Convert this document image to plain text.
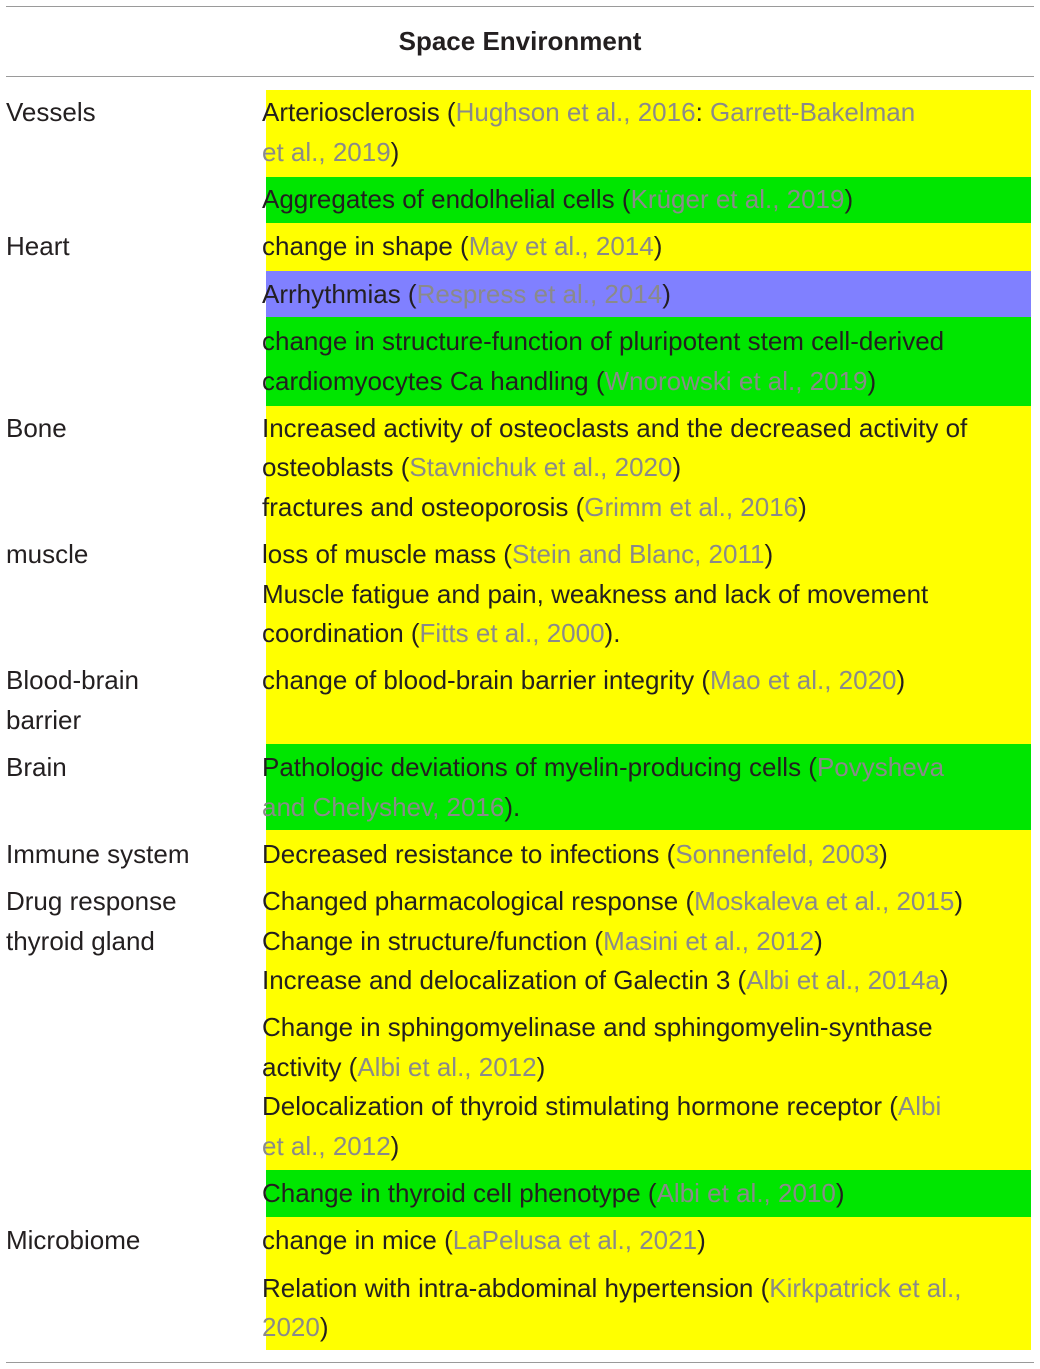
Space Environment
Vessels
Heart
Bone
muscle
Blood-brain
barrier
Brain
Immune system
Drug response
thyroid gland
Microbiome
Arteriosclerosis (Hughson et al., 2016: Garrett-Bakelman
et al., 2019)
Aggregates of endolhelial cells (Krüger et al., 2019)
change in shape (May et al., 2014)
Arrhythmias (Respress et al., 2014)
change in structure-function of pluripotent stem cell-derived
cardiomyocytes Ca handling (Wnorowski et al., 2019)
Increased activity of osteoclasts and the decreased activity of
osteoblasts (Stavnichuk et al., 2020)
fractures and osteoporosis (Grimm et al., 2016)
loss of muscle mass (Stein and Blanc, 2011)
Muscle fatigue and pain, weakness and lack of movement
coordination (Fitts et al., 2000).
change of blood-brain barrier integrity (Mao et al., 2020)
Pathologic deviations of myelin-producing cells (Povysheva
and Chelyshev, 2016).
Decreased resistance to infections (Sonnenfeld, 2003)
Changed pharmacological response (Moskaleva et al., 2015)
Change in structure/function (Masini et al., 2012)
Increase and delocalization of Galectin 3 (Albi et al., 2014a)
Change in sphingomyelinase and sphingomyelin-synthase
activity (Albi et al., 2012)
Delocalization of thyroid stimulating hormone receptor (Albi
et al., 2012)
Change in thyroid cell phenotype (Albi et al., 2010)
change in mice (LaPelusa et al., 2021)
Relation with intra-abdominal hypertension (Kirkpatrick et al.,
2020)
